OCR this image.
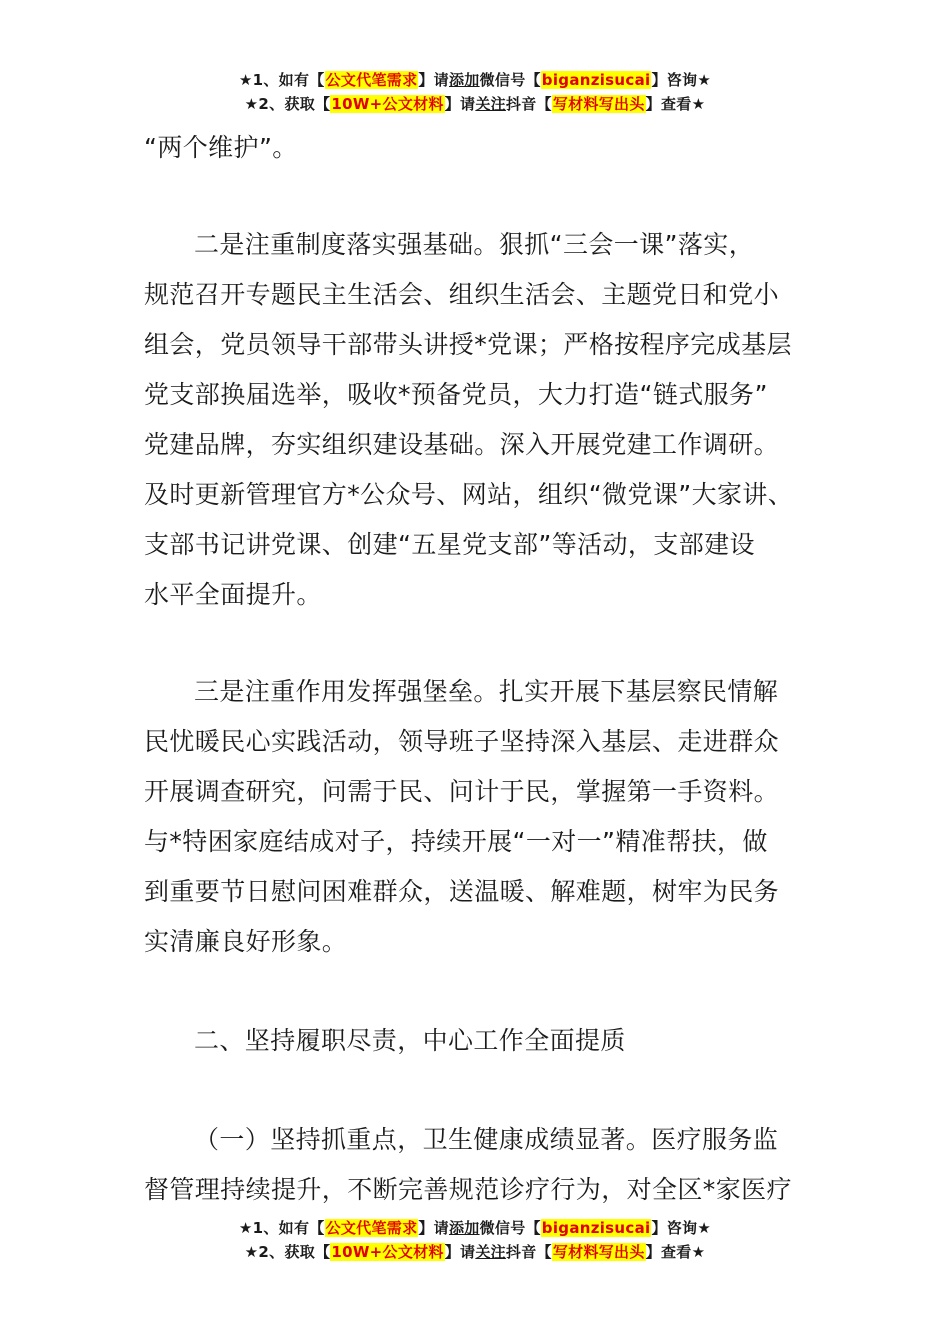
★1、如有【公文代笔需求】请添加微信号【biganzisucai】咨询★
★2、获取【10W+公文材料】请关注抖音【写材料写出头】查看★
“两个维护”。
二是注重制度落实强基础。狠抓“三会一课”落实，
规范召开专题民主生活会、组织生活会、主题党日和党小
组会，党员领导干部带头讲授*党课；严格按程序完成基层
党支部换届选举，吸收*预备党员，大力打造“链式服务”
党建品牌，夯实组织建设基础。深入开展党建工作调研。
及时更新管理官方*公众号、网站，组织“微党课”大家讲、
支部书记讲党课、创建“五星党支部”等活动，支部建设
水平全面提升。
三是注重作用发挥强堡垒。扎实开展下基层察民情解
民忧暖民心实践活动，领导班子坚持深入基层、走进群众
开展调查研究，问需于民、问计于民，掌握第一手资料。
与*特困家庭结成对子，持续开展“一对一”精准帮扶，做
到重要节日慰问困难群众，送温暖、解难题，树牢为民务
实清廉良好形象。
二、坚持履职尽责，中心工作全面提质
（一）坚持抓重点，卫生健康成绩显著。医疗服务监
督管理持续提升，不断完善规范诊疗行为，对全区*家医疗
★1、如有【公文代笔需求】请添加微信号【biganzisucai】咨询★
★2、获取【10W+公文材料】请关注抖音【写材料写出头】查看★
